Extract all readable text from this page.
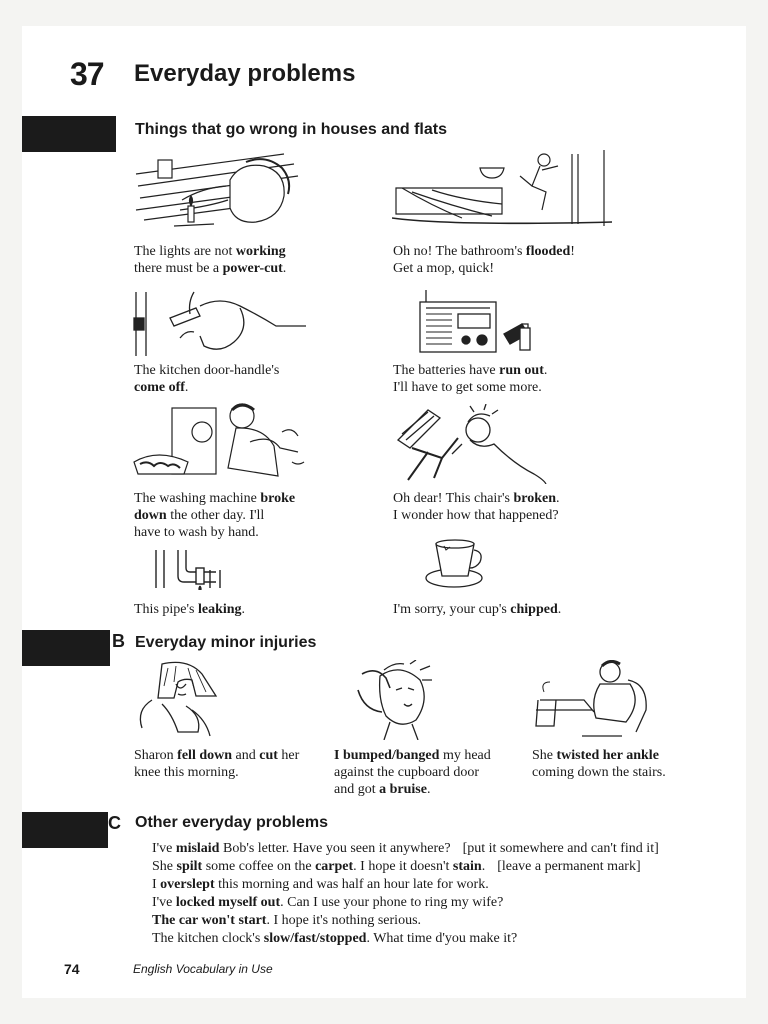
37 Everyday problems
Things that go wrong in houses and flats
The lights are not working
there must be a power-cut.
Oh no! The bathroom's flooded!
Get a mop, quick!
The kitchen door-handle's
come off.
The batteries have run out.
I'll have to get some more.
The washing machine broke
down the other day. I'll
have to wash by hand.
Oh dear! This chair's broken.
I wonder how that happened?
This pipe's leaking.	I'm sorry, your cup's chipped.
B Everyday minor injuries
Sharon fell down and cut her
knee this morning.
I bumped/banged my head
against the cupboard door
and got a bruise.
She twisted her ankle
coming down the stairs.
C Other everyday problems
I've mislaid Bob's letter. Have you seen it anywhere? [put it somewhere and can't find it]
She spilt some coffee on the carpet. I hope it doesn't stain. [leave a permanent mark]
I overslept this morning and was half an hour late for work.
I've locked myself out. Can I use your phone to ring my wife?
The car won't start. I hope it's nothing serious.
The kitchen clock's slow/fast/stopped. What time d'you make it?
74	English Vocabulary in Use
